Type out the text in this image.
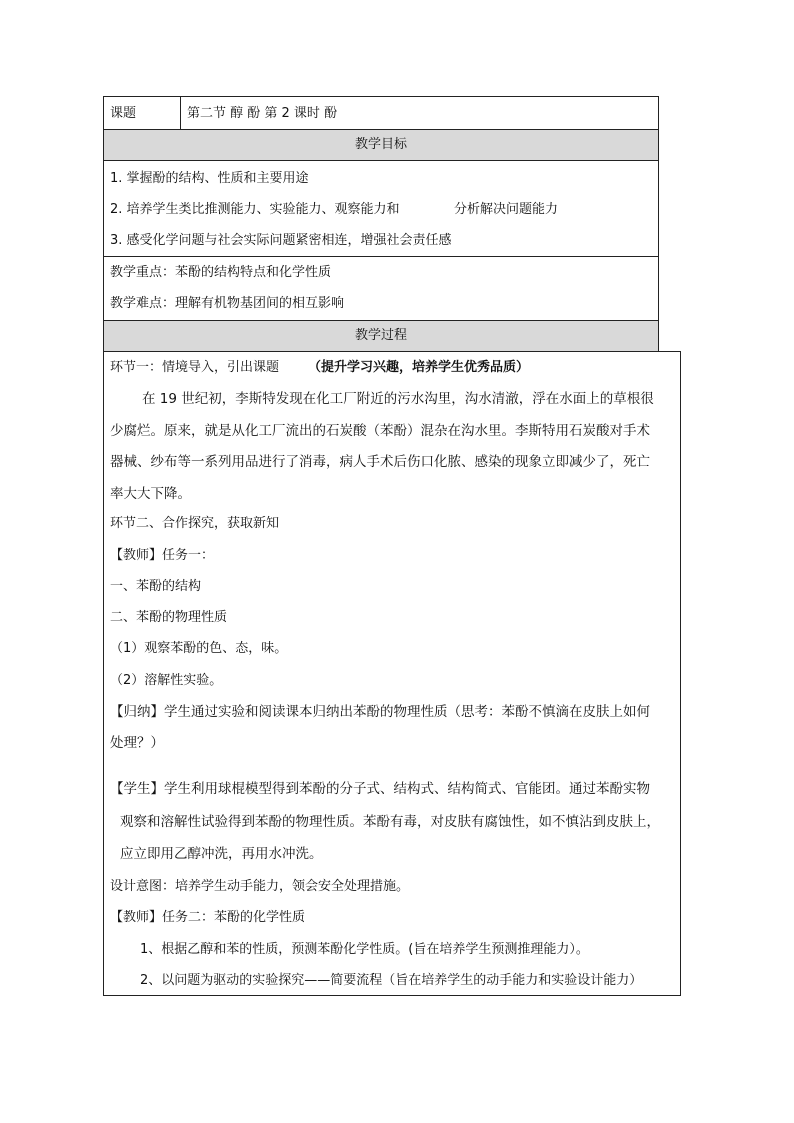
课题	第二节 醇 酚 第 2 课时 酚
教学目标
1. 掌握酚的结构、性质和主要用途
2. 培养学生类比推测能力、实验能力、观察能力和	分析解决问题能力
3. 感受化学问题与社会实际问题紧密相连，增强社会责任感
教学重点：苯酚的结构特点和化学性质
教学难点：理解有机物基团间的相互影响
教学过程
环节一：情境导入，引出课题 （提升学习兴趣，培养学生优秀品质）
在 19 世纪初，李斯特发现在化工厂附近的污水沟里，沟水清澈，浮在水面上的草根很
少腐烂。原来，就是从化工厂流出的石炭酸（苯酚）混杂在沟水里。李斯特用石炭酸对手术
器械、纱布等一系列用品进行了消毒，病人手术后伤口化脓、感染的现象立即减少了，死亡
率大大下降。
环节二、合作探究，获取新知
【教师】任务一：
一、苯酚的结构
二、苯酚的物理性质
（1）观察苯酚的色、态，味。
（2）溶解性实验。
【归纳】学生通过实验和阅读课本归纳出苯酚的物理性质（思考：苯酚不慎滴在皮肤上如何
处理？）
【学生】学生利用球棍模型得到苯酚的分子式、结构式、结构简式、官能团。通过苯酚实物
观察和溶解性试验得到苯酚的物理性质。苯酚有毒，对皮肤有腐蚀性，如不慎沾到皮肤上，
应立即用乙醇冲洗，再用水冲洗。
设计意图：培养学生动手能力，领会安全处理措施。
【教师】任务二：苯酚的化学性质
1、根据乙醇和苯的性质，预测苯酚化学性质。(旨在培养学生预测推理能力）。
2、以问题为驱动的实验探究——简要流程（旨在培养学生的动手能力和实验设计能力）
